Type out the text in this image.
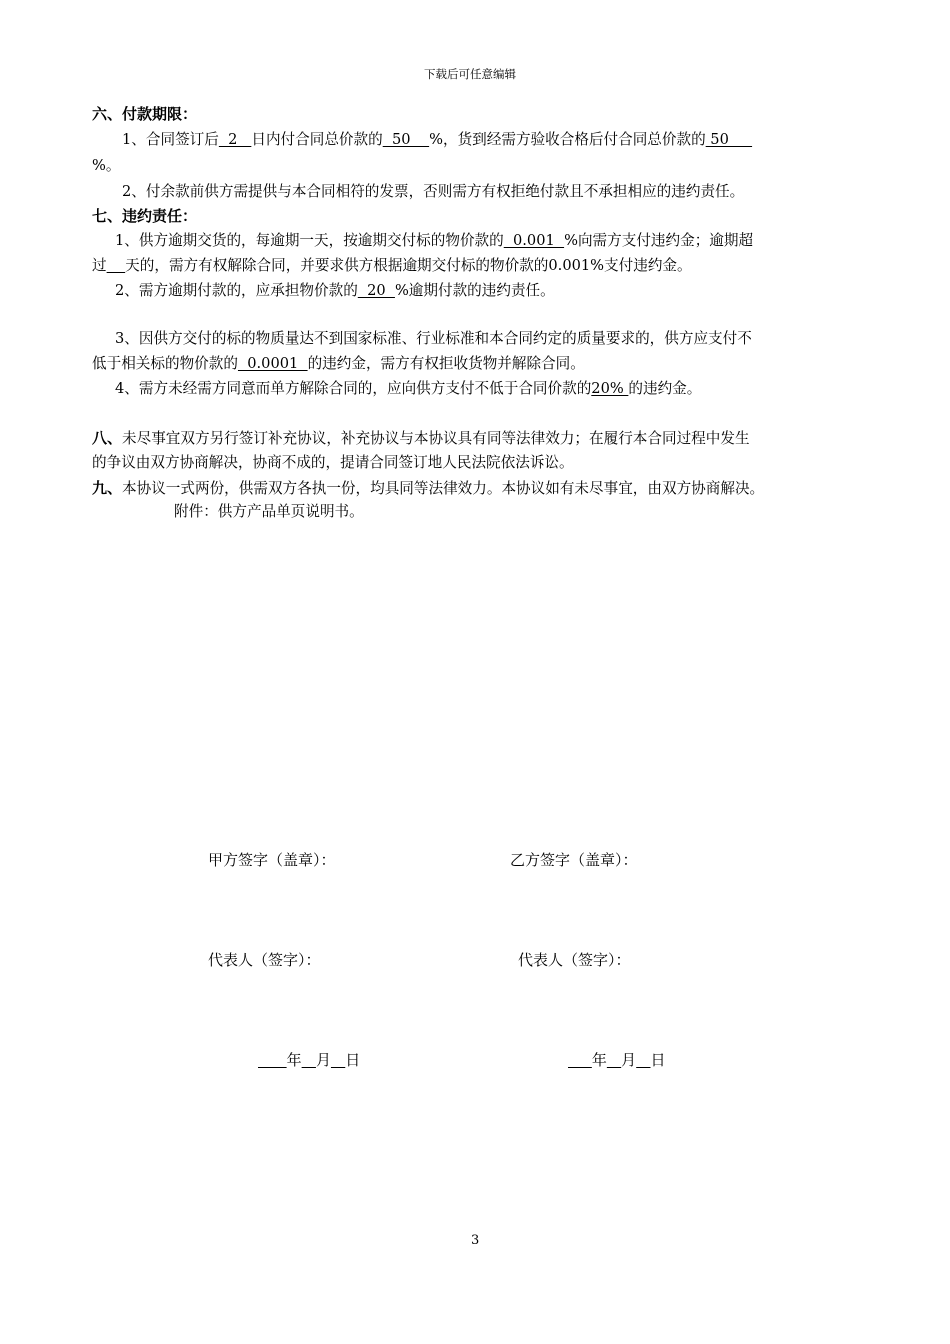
下载后可任意编辑
六、付款期限：
1、合同签订后  2   日内付合同总价款的  50    %，货到经需方验收合格后付合同总价款的 50
%。
2、付余款前供方需提供与本合同相符的发票，否则需方有权拒绝付款且不承担相应的违约责任。
七、违约责任：
1、供方逾期交货的，每逾期一天，按逾期交付标的物价款的  0.001  %向需方支付违约金；逾期超
过 天的，需方有权解除合同，并要求供方根据逾期交付标的物价款的0.001%支付违约金。
2、需方逾期付款的，应承担物价款的  20  %逾期付款的违约责任。
3、因供方交付的标的物质量达不到国家标准、行业标准和本合同约定的质量要求的，供方应支付不
低于相关标的物价款的  0.0001  的违约金，需方有权拒收货物并解除合同。
4、需方未经需方同意而单方解除合同的，应向供方支付不低于合同价款的20% 的违约金。
八、未尽事宜双方另行签订补充协议，补充协议与本协议具有同等法律效力；在履行本合同过程中发生
的争议由双方协商解决，协商不成的，提请合同签订地人民法院依法诉讼。
九、本协议一式两份，供需双方各执一份，均具同等法律效力。本协议如有未尽事宜，由双方协商解决。
附件：供方产品单页说明书。
甲方签字（盖章）：	乙方签字（盖章）：
代表人（签字）：	代表人（签字）：
年 月 日	年 月 日
3
